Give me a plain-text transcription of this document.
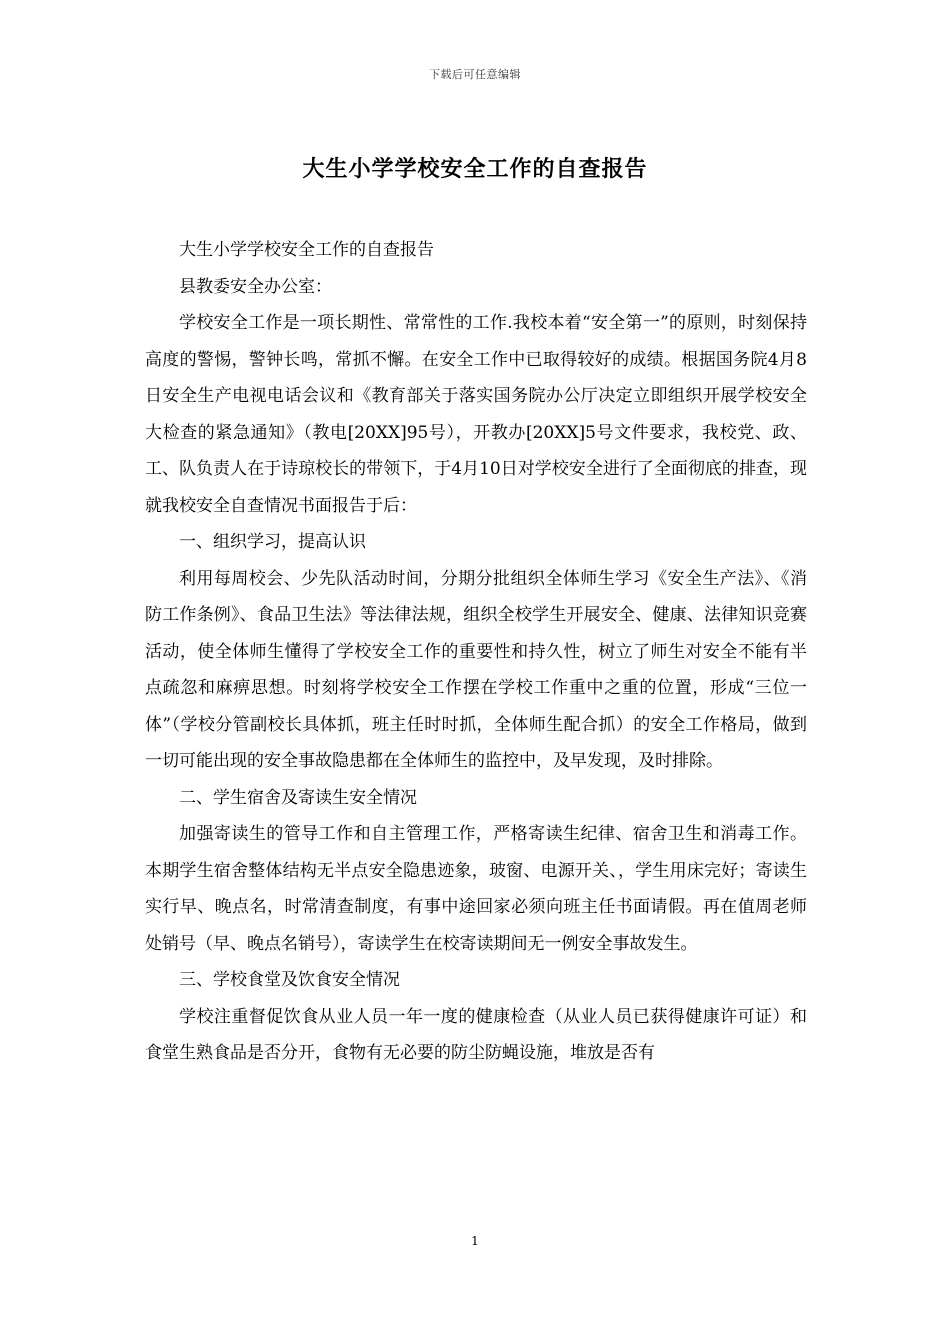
下载后可任意编辑
大生小学学校安全工作的自查报告

大生小学学校安全工作的自查报告

县教委安全办公室：

学校安全工作是一项长期性、常常性的工作.我校本着“安全第一”的原则，时刻保持高度的警惕，警钟长鸣，常抓不懈。在安全工作中已取得较好的成绩。根据国务院4月8日安全生产电视电话会议和《教育部关于落实国务院办公厅决定立即组织开展学校安全大检查的紧急通知》（教电[20XX]95号），开教办[20XX]5号文件要求，我校党、政、工、队负责人在于诗琼校长的带领下，于4月10日对学校安全进行了全面彻底的排查，现就我校安全自查情况书面报告于后：

一、组织学习，提高认识

利用每周校会、少先队活动时间，分期分批组织全体师生学习《安全生产法》、《消防工作条例》、食品卫生法》等法律法规，组织全校学生开展安全、健康、法律知识竞赛活动，使全体师生懂得了学校安全工作的重要性和持久性，树立了师生对安全不能有半点疏忽和麻痹思想。时刻将学校安全工作摆在学校工作重中之重的位置，形成“三位一体”（学校分管副校长具体抓，班主任时时抓，全体师生配合抓）的安全工作格局，做到一切可能出现的安全事故隐患都在全体师生的监控中，及早发现，及时排除。

二、学生宿舍及寄读生安全情况

加强寄读生的管导工作和自主管理工作，严格寄读生纪律、宿舍卫生和消毒工作。本期学生宿舍整体结构无半点安全隐患迹象，玻窗、电源开关、，学生用床完好；寄读生实行早、晚点名，时常清查制度，有事中途回家必须向班主任书面请假。再在值周老师处销号（早、晚点名销号），寄读学生在校寄读期间无一例安全事故发生。

三、学校食堂及饮食安全情况

学校注重督促饮食从业人员一年一度的健康检查（从业人员已获得健康许可证）和食堂生熟食品是否分开，食物有无必要的防尘防蝇设施，堆放是否有

1
